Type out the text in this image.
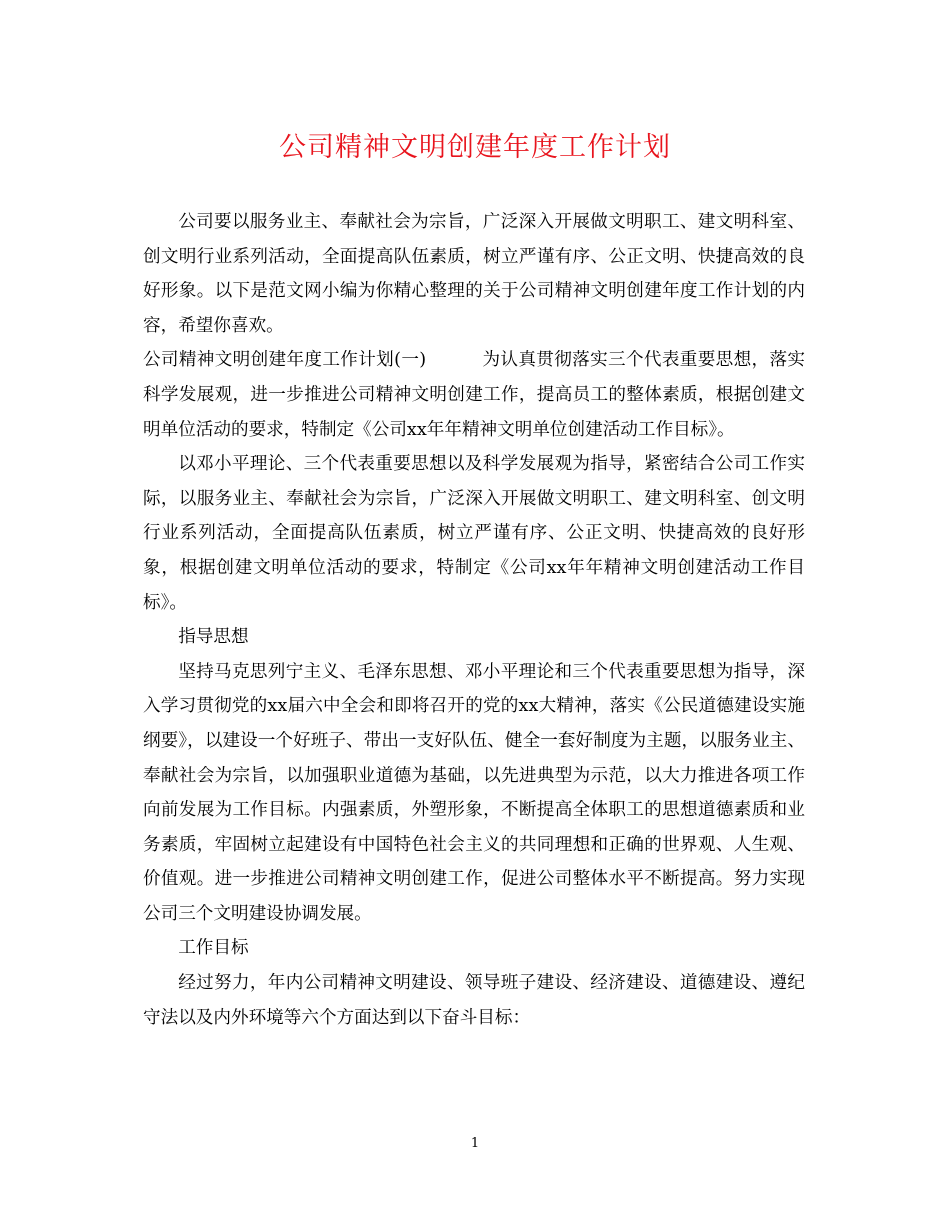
公司精神文明创建年度工作计划

公司要以服务业主、奉献社会为宗旨，广泛深入开展做文明职工、建文明科室、创文明行业系列活动，全面提高队伍素质，树立严谨有序、公正文明、快捷高效的良好形象。以下是范文网小编为你精心整理的关于公司精神文明创建年度工作计划的内容，希望你喜欢。

公司精神文明创建年度工作计划(一)	为认真贯彻落实三个代表重要思想，落实科学发展观，进一步推进公司精神文明创建工作，提高员工的整体素质，根据创建文明单位活动的要求，特制定《公司xx年年精神文明单位创建活动工作目标》。

以邓小平理论、三个代表重要思想以及科学发展观为指导，紧密结合公司工作实际，以服务业主、奉献社会为宗旨，广泛深入开展做文明职工、建文明科室、创文明行业系列活动，全面提高队伍素质，树立严谨有序、公正文明、快捷高效的良好形象，根据创建文明单位活动的要求，特制定《公司xx年年精神文明创建活动工作目标》。

指导思想

坚持马克思列宁主义、毛泽东思想、邓小平理论和三个代表重要思想为指导，深入学习贯彻党的xx届六中全会和即将召开的党的xx大精神，落实《公民道德建设实施纲要》，以建设一个好班子、带出一支好队伍、健全一套好制度为主题，以服务业主、奉献社会为宗旨，以加强职业道德为基础，以先进典型为示范，以大力推进各项工作向前发展为工作目标。内强素质，外塑形象，不断提高全体职工的思想道德素质和业务素质，牢固树立起建设有中国特色社会主义的共同理想和正确的世界观、人生观、价值观。进一步推进公司精神文明创建工作，促进公司整体水平不断提高。努力实现公司三个文明建设协调发展。

工作目标

经过努力，年内公司精神文明建设、领导班子建设、经济建设、道德建设、遵纪守法以及内外环境等六个方面达到以下奋斗目标：

1
